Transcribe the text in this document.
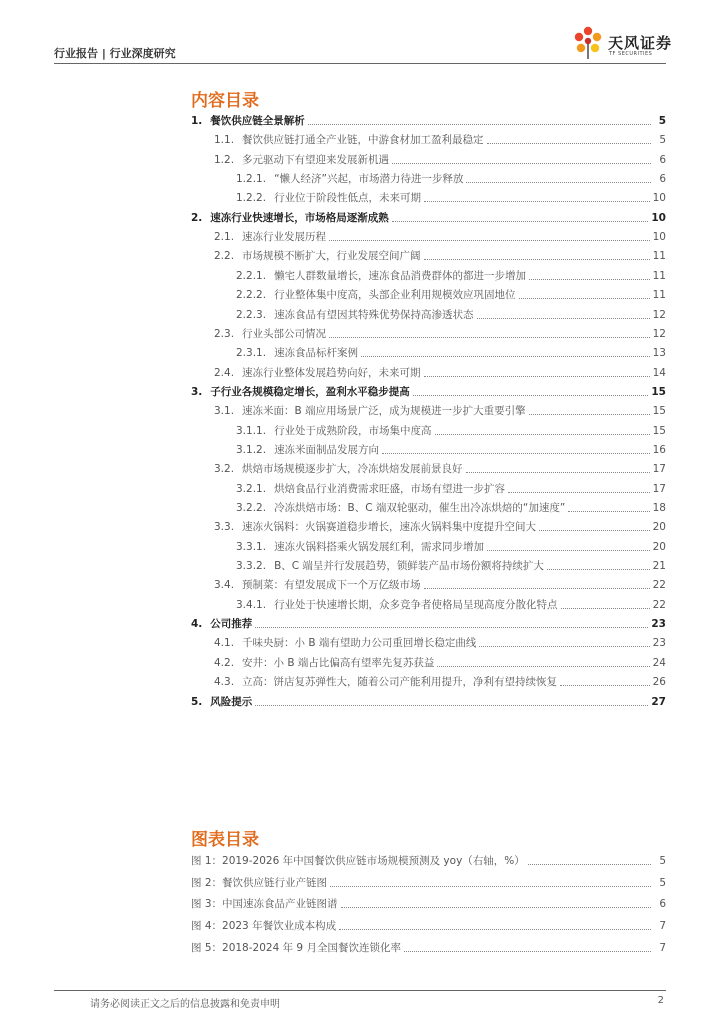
行业报告 | 行业深度研究
天风证券
TF SECURITIES
内容目录
1. 餐饮供应链全景解析	5
1.1. 餐饮供应链打通全产业链，中游食材加工盈利最稳定	5
1.2. 多元驱动下有望迎来发展新机遇	6
1.2.1. “懒人经济”兴起，市场潜力待进一步释放	6
1.2.2. 行业位于阶段性低点，未来可期	10
2. 速冻行业快速增长，市场格局逐渐成熟	10
2.1. 速冻行业发展历程	10
2.2. 市场规模不断扩大，行业发展空间广阔	11
2.2.1. 懒宅人群数量增长，速冻食品消费群体的都进一步增加	11
2.2.2. 行业整体集中度高，头部企业利用规模效应巩固地位	11
2.2.3. 速冻食品有望因其特殊优势保持高渗透状态	12
2.3. 行业头部公司情况	12
2.3.1. 速冻食品标杆案例	13
2.4. 速冻行业整体发展趋势向好，未来可期	14
3. 子行业各规模稳定增长，盈利水平稳步提高	15
3.1. 速冻米面：B 端应用场景广泛，成为规模进一步扩大重要引擎	15
3.1.1. 行业处于成熟阶段，市场集中度高	15
3.1.2. 速冻米面制品发展方向	16
3.2. 烘焙市场规模逐步扩大，冷冻烘焙发展前景良好	17
3.2.1. 烘焙食品行业消费需求旺盛，市场有望进一步扩容	17
3.2.2. 冷冻烘焙市场：B、C 端双轮驱动，催生出冷冻烘焙的“加速度”	18
3.3. 速冻火锅料：火锅赛道稳步增长，速冻火锅料集中度提升空间大	20
3.3.1. 速冻火锅料搭乘火锅发展红利，需求同步增加	20
3.3.2. B、C 端呈并行发展趋势，锁鲜装产品市场份额将持续扩大	21
3.4. 预制菜：有望发展成下一个万亿级市场	22
3.4.1. 行业处于快速增长期，众多竞争者使格局呈现高度分散化特点	22
4. 公司推荐	23
4.1. 千味央厨：小 B 端有望助力公司重回增长稳定曲线	23
4.2. 安井：小 B 端占比偏高有望率先复苏获益	24
4.3. 立高：饼店复苏弹性大，随着公司产能利用提升，净利有望持续恢复	26
5. 风险提示	27
图表目录
图 1：2019-2026 年中国餐饮供应链市场规模预测及 yoy（右轴，%）	5
图 2：餐饮供应链行业产链图	5
图 3：中国速冻食品产业链图谱	6
图 4：2023 年餐饮业成本构成	7
图 5：2018-2024 年 9 月全国餐饮连锁化率	7
请务必阅读正文之后的信息披露和免责申明	2
